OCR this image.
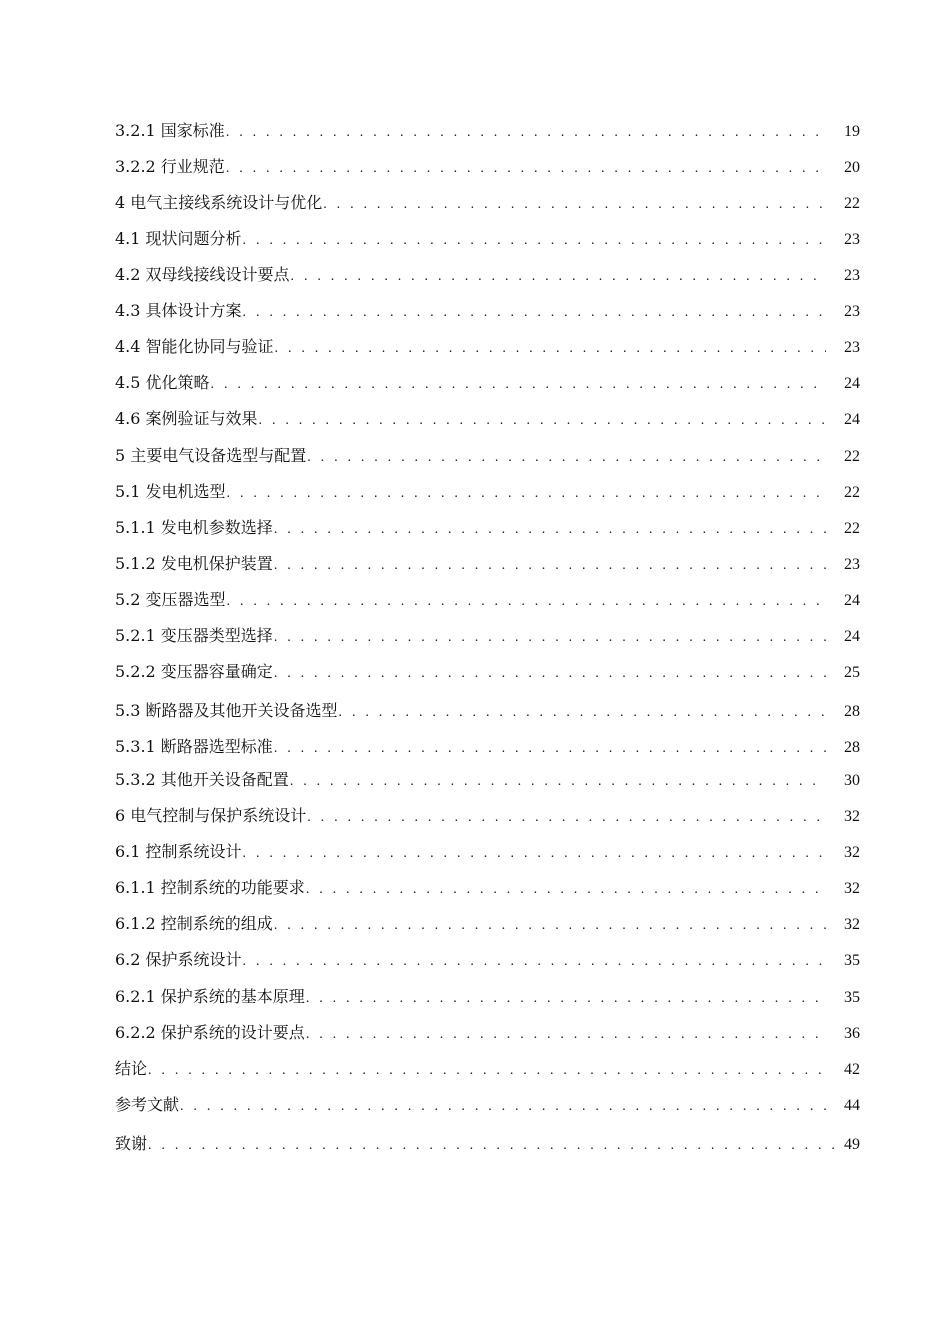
3.2.1 国家标准 . . .	19
3.2.2 行业规范 . . .	20
4 电气主接线系统设计与优化 . . .	22
4.1 现状问题分析 . . .	23
4.2 双母线接线设计要点 . . .	23
4.3 具体设计方案 . . .	23
4.4 智能化协同与验证 . . .	23
4.5 优化策略 . . .	24
4.6 案例验证与效果 . . .	24
5 主要电气设备选型与配置 . . .	22
5.1 发电机选型 . . .	22
5.1.1 发电机参数选择 . . .	22
5.1.2 发电机保护装置 . . .	23
5.2 变压器选型 . . .	24
5.2.1 变压器类型选择 . . .	24
5.2.2 变压器容量确定 . . .	25
5.3 断路器及其他开关设备选型 . . .	28
5.3.1 断路器选型标准 . . .	28
5.3.2 其他开关设备配置 . . .	30
6 电气控制与保护系统设计 . . .	32
6.1 控制系统设计 . . .	32
6.1.1 控制系统的功能要求 . . .	32
6.1.2 控制系统的组成 . . .	32
6.2 保护系统设计 . . .	35
6.2.1 保护系统的基本原理 . . .	35
6.2.2 保护系统的设计要点 . . .	36
结论 . . .	42
参考文献 . . .	44
致谢 . . .	49
